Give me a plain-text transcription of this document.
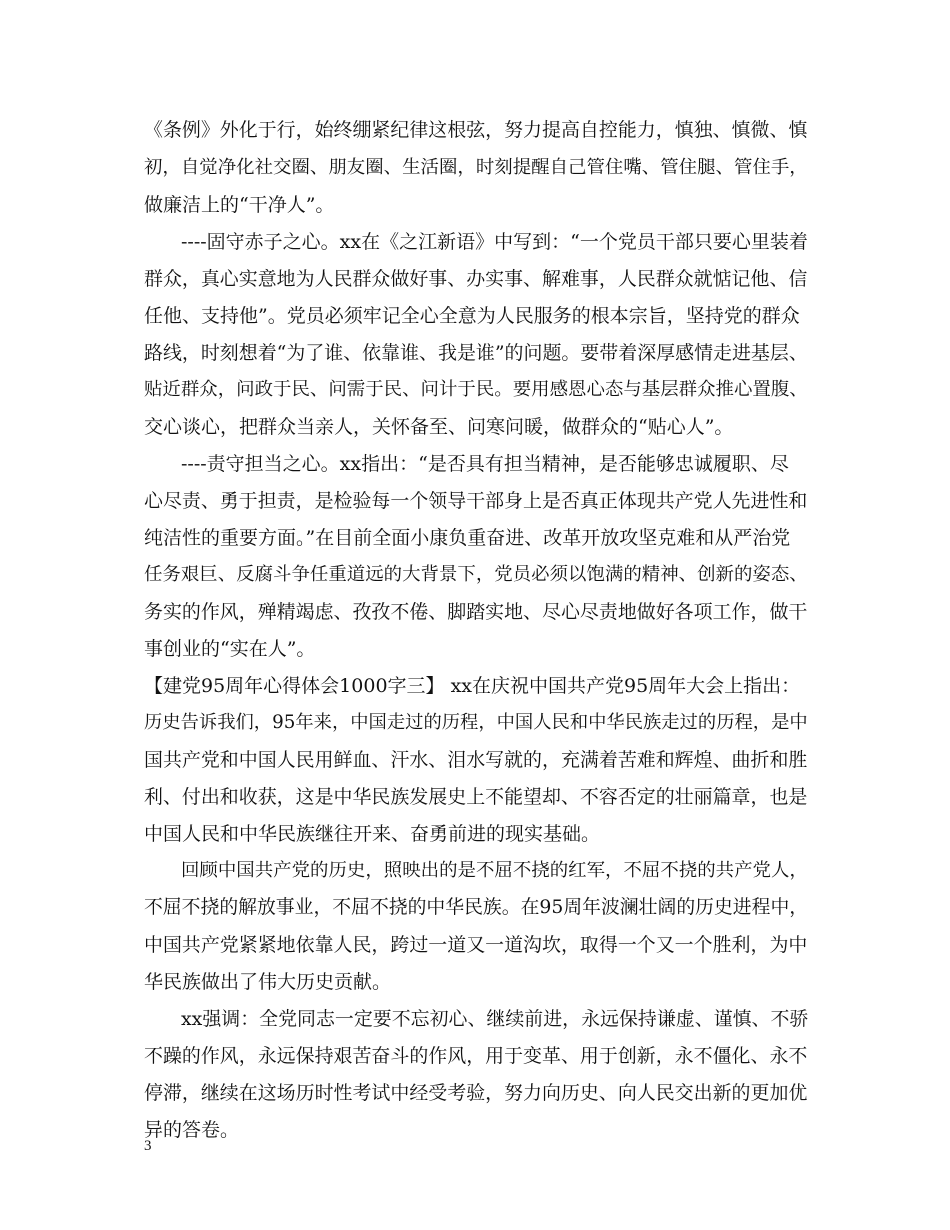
《条例》外化于行，始终绷紧纪律这根弦，努力提高自控能力，慎独、慎微、慎
初，自觉净化社交圈、朋友圈、生活圈，时刻提醒自己管住嘴、管住腿、管住手，
做廉洁上的“干净人”。
----固守赤子之心。xx在《之江新语》中写到：“一个党员干部只要心里装着
群众，真心实意地为人民群众做好事、办实事、解难事，人民群众就惦记他、信
任他、支持他”。党员必须牢记全心全意为人民服务的根本宗旨，坚持党的群众
路线，时刻想着“为了谁、依靠谁、我是谁”的问题。要带着深厚感情走进基层、
贴近群众，问政于民、问需于民、问计于民。要用感恩心态与基层群众推心置腹、
交心谈心，把群众当亲人，关怀备至、问寒问暖，做群众的“贴心人”。
----责守担当之心。xx指出：“是否具有担当精神，是否能够忠诚履职、尽
心尽责、勇于担责，是检验每一个领导干部身上是否真正体现共产党人先进性和
纯洁性的重要方面。”在目前全面小康负重奋进、改革开放攻坚克难和从严治党
任务艰巨、反腐斗争任重道远的大背景下，党员必须以饱满的精神、创新的姿态、
务实的作风，殚精竭虑、孜孜不倦、脚踏实地、尽心尽责地做好各项工作，做干
事创业的“实在人”。
【建党95周年心得体会1000字三】 xx在庆祝中国共产党95周年大会上指出：
历史告诉我们，95年来，中国走过的历程，中国人民和中华民族走过的历程，是中
国共产党和中国人民用鲜血、汗水、泪水写就的，充满着苦难和辉煌、曲折和胜
利、付出和收获，这是中华民族发展史上不能望却、不容否定的壮丽篇章，也是
中国人民和中华民族继往开来、奋勇前进的现实基础。
回顾中国共产党的历史，照映出的是不屈不挠的红军，不屈不挠的共产党人，
不屈不挠的解放事业，不屈不挠的中华民族。在95周年波澜壮阔的历史进程中，
中国共产党紧紧地依靠人民，跨过一道又一道沟坎，取得一个又一个胜利，为中
华民族做出了伟大历史贡献。
xx强调：全党同志一定要不忘初心、继续前进，永远保持谦虚、谨慎、不骄
不躁的作风，永远保持艰苦奋斗的作风，用于变革、用于创新，永不僵化、永不
停滞，继续在这场历时性考试中经受考验，努力向历史、向人民交出新的更加优
异的答卷。
3
